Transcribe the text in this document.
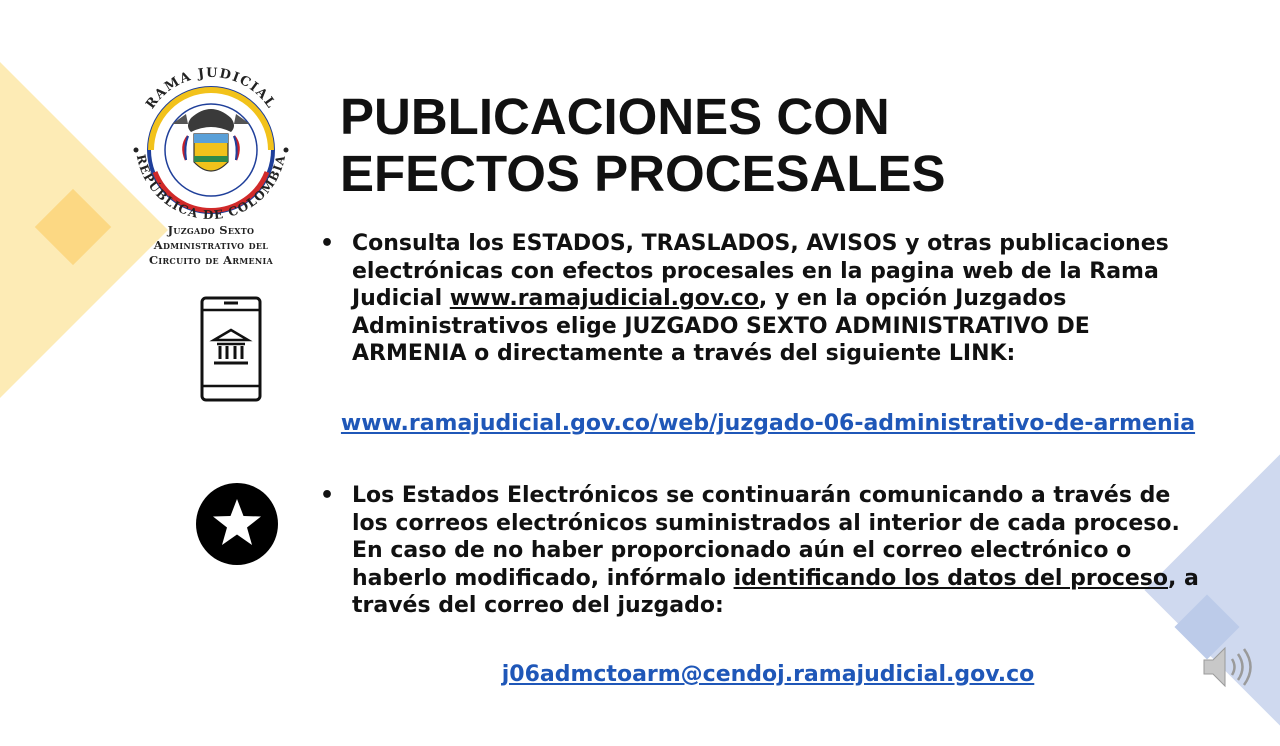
RAMA JUDICIAL
REPÚBLICA DE COLOMBIA
Juzgado Sexto
Administrativo del
Circuito de Armenia
PUBLICACIONES CON
EFECTOS PROCESALES
• Consulta los ESTADOS, TRASLADOS, AVISOS y otras publicaciones electrónicas con efectos procesales en la pagina web de la Rama Judicial www.ramajudicial.gov.co, y en la opción Juzgados Administrativos elige JUZGADO SEXTO ADMINISTRATIVO DE ARMENIA o directamente a través del siguiente LINK:
www.ramajudicial.gov.co/web/juzgado-06-administrativo-de-armenia
• Los Estados Electrónicos se continuarán comunicando a través de los correos electrónicos suministrados al interior de cada proceso. En caso de no haber proporcionado aún el correo electrónico o haberlo modificado, infórmalo identificando los datos del proceso, a través del correo del juzgado:
j06admctoarm@cendoj.ramajudicial.gov.co
